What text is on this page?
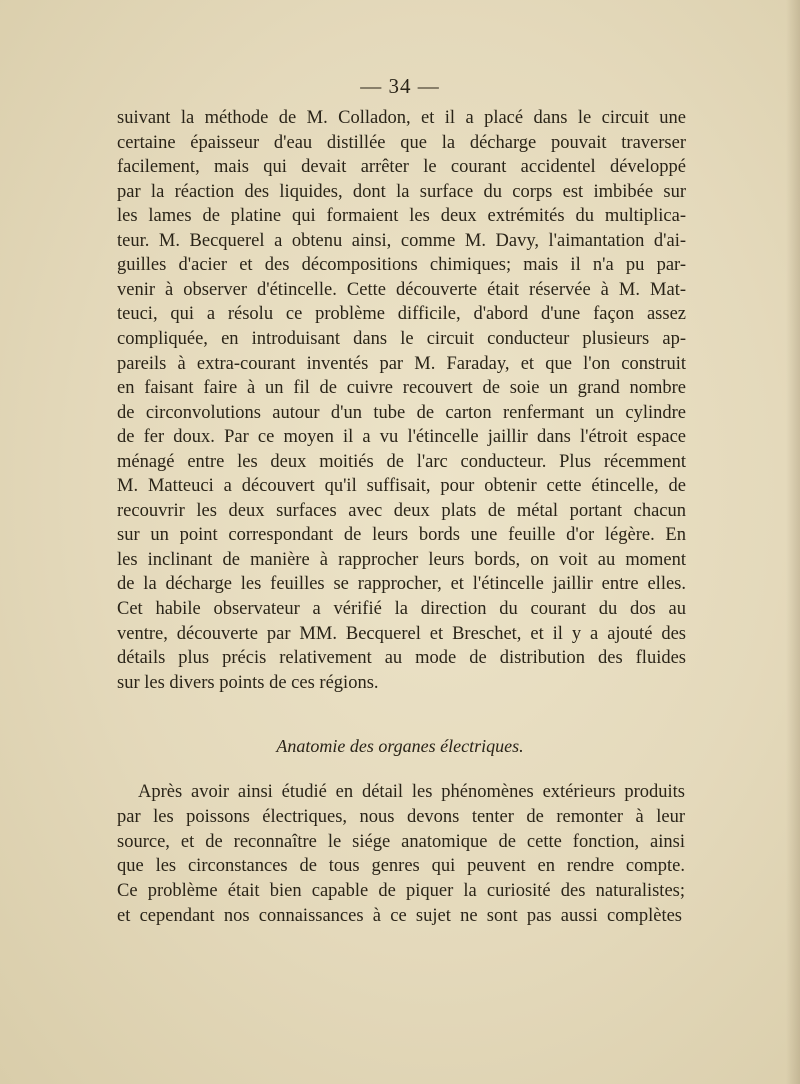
— 34 —
suivant la méthode de M. Colladon, et il a placé dans le circuit une
certaine épaisseur d'eau distillée que la décharge pouvait traverser
facilement, mais qui devait arrêter le courant accidentel développé
par la réaction des liquides, dont la surface du corps est imbibée sur
les lames de platine qui formaient les deux extrémités du multiplica-
teur. M. Becquerel a obtenu ainsi, comme M. Davy, l'aimantation d'ai-
guilles d'acier et des décompositions chimiques; mais il n'a pu par-
venir à observer d'étincelle. Cette découverte était réservée à M. Mat-
teuci, qui a résolu ce problème difficile, d'abord d'une façon assez
compliquée, en introduisant dans le circuit conducteur plusieurs ap-
pareils à extra-courant inventés par M. Faraday, et que l'on construit
en faisant faire à un fil de cuivre recouvert de soie un grand nombre
de circonvolutions autour d'un tube de carton renfermant un cylindre
de fer doux. Par ce moyen il a vu l'étincelle jaillir dans l'étroit espace
ménagé entre les deux moitiés de l'arc conducteur. Plus récemment
M. Matteuci a découvert qu'il suffisait, pour obtenir cette étincelle, de
recouvrir les deux surfaces avec deux plats de métal portant chacun
sur un point correspondant de leurs bords une feuille d'or légère. En
les inclinant de manière à rapprocher leurs bords, on voit au moment
de la décharge les feuilles se rapprocher, et l'étincelle jaillir entre elles.
Cet habile observateur a vérifié la direction du courant du dos au
ventre, découverte par MM. Becquerel et Breschet, et il y a ajouté des
détails plus précis relativement au mode de distribution des fluides
sur les divers points de ces régions.
Anatomie des organes électriques.
Après avoir ainsi étudié en détail les phénomènes extérieurs produits
par les poissons électriques, nous devons tenter de remonter à leur
source, et de reconnaître le siége anatomique de cette fonction, ainsi
que les circonstances de tous genres qui peuvent en rendre compte.
Ce problème était bien capable de piquer la curiosité des naturalistes;
et cependant nos connaissances à ce sujet ne sont pas aussi complètes
